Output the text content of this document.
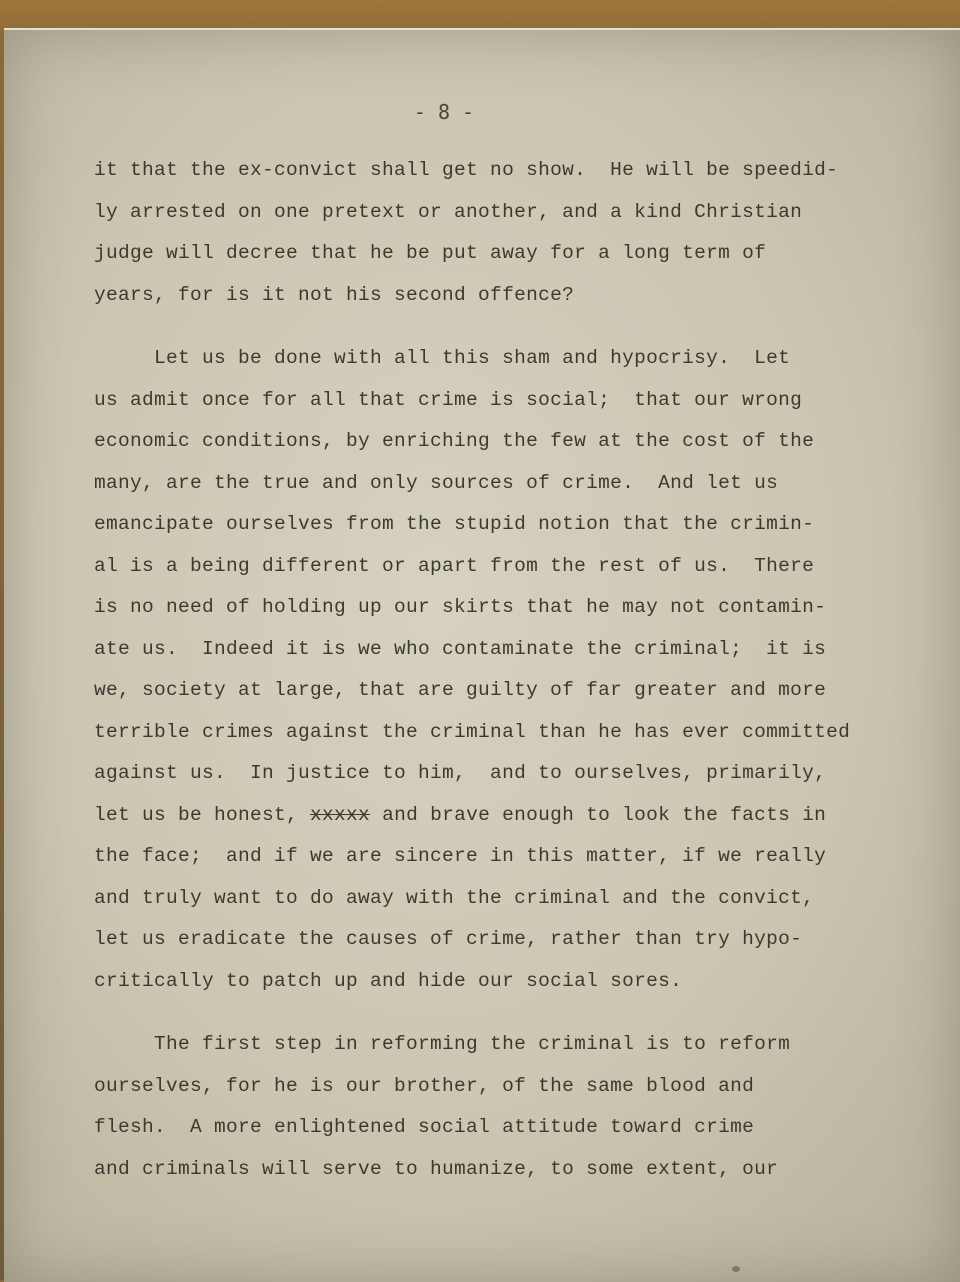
- 8 -
it that the ex-convict shall get no show.  He will be speedid-
ly arrested on one pretext or another, and a kind Christian
judge will decree that he be put away for a long term of
years, for is it not his second offence?
Let us be done with all this sham and hypocrisy.  Let
us admit once for all that crime is social;  that our wrong
economic conditions, by enriching the few at the cost of the
many, are the true and only sources of crime.  And let us
emancipate ourselves from the stupid notion that the crimin-
al is a being different or apart from the rest of us.  There
is no need of holding up our skirts that he may not contamin-
ate us.  Indeed it is we who contaminate the criminal;  it is
we, society at large, that are guilty of far greater and more
terrible crimes against the criminal than he has ever committed
against us.  In justice to him,  and to ourselves, primarily,
let us be honest, xxxxx and brave enough to look the facts in
the face;  and if we are sincere in this matter, if we really
and truly want to do away with the criminal and the convict,
let us eradicate the causes of crime, rather than try hypo-
critically to patch up and hide our social sores.
The first step in reforming the criminal is to reform
ourselves, for he is our brother, of the same blood and
flesh.  A more enlightened social attitude toward crime
and criminals will serve to humanize, to some extent, our
